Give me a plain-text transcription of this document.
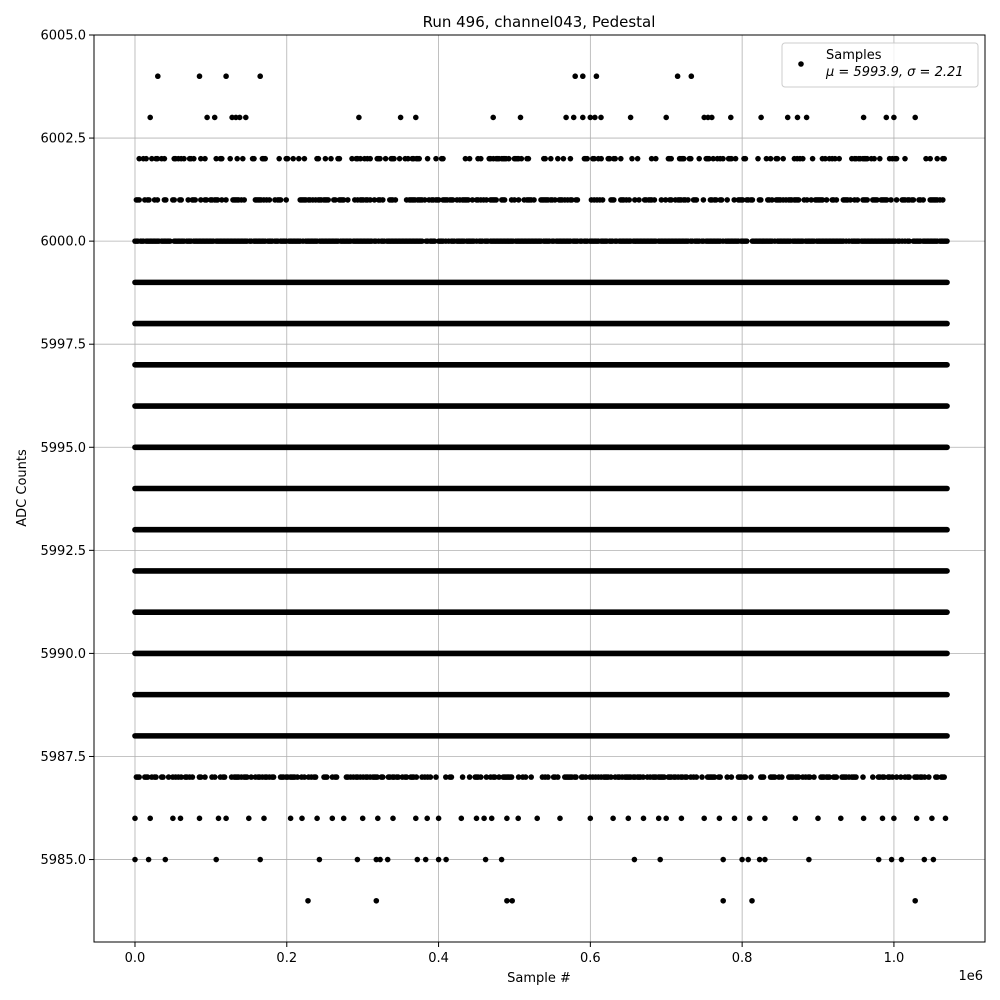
Run 496, channel043, Pedestal
0.0	0.2	0.4	0.6	0.8	1.0
5985.0
5987.5
5990.0
5992.5
5995.0
5997.5
6000.0
6002.5
6005.0
Sample #
ADC Counts
1e6
Samples
μ = 5993.9, σ = 2.21
